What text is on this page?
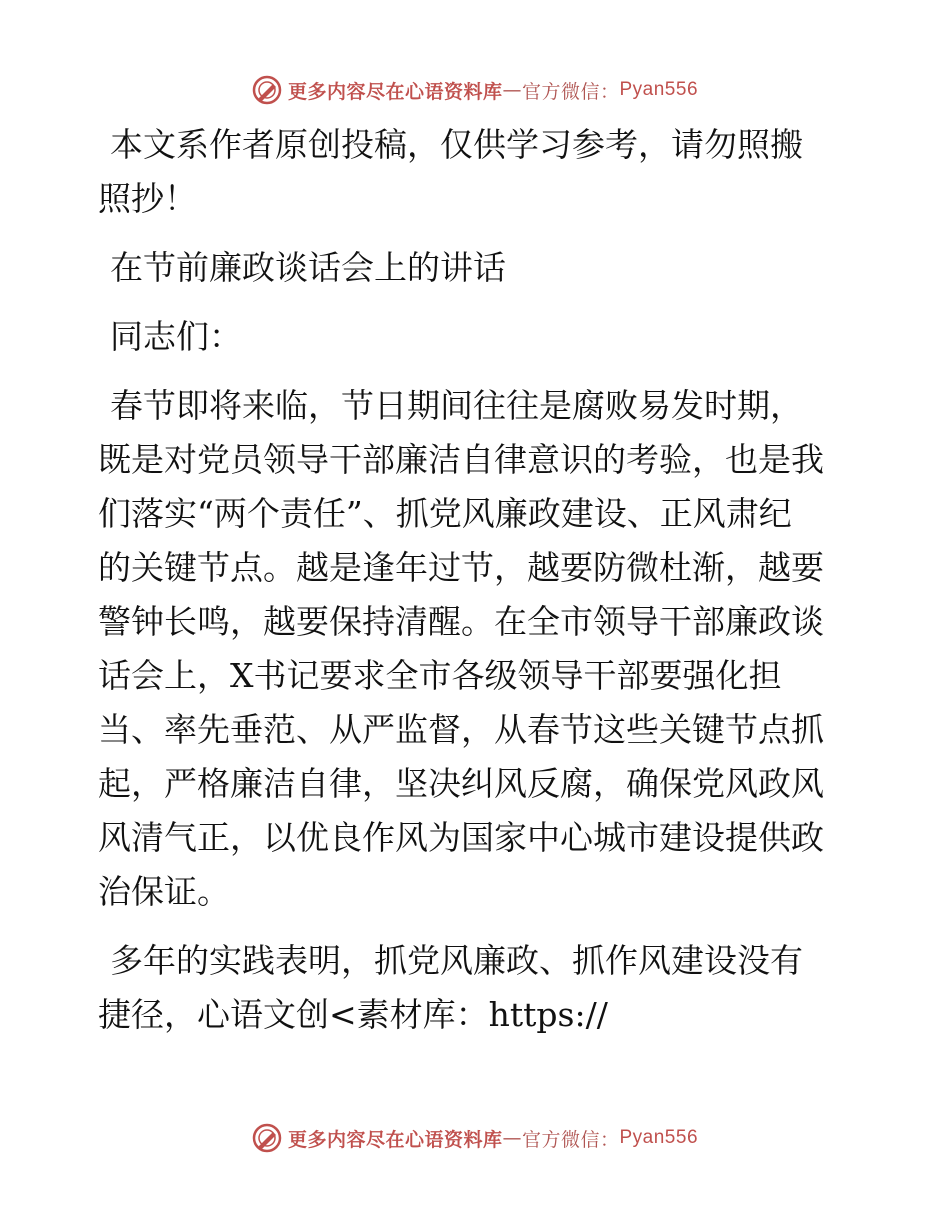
更多内容尽在心语资料库 — 官方微信： Pyan556

本文系作者原创投稿，仅供学习参考，请勿照搬
照抄！

在节前廉政谈话会上的讲话

同志们：

春节即将来临，节日期间往往是腐败易发时期，
既是对党员领导干部廉洁自律意识的考验，也是我
们落实“两个责任”、抓党风廉政建设、正风肃纪
的关键节点。越是逢年过节，越要防微杜渐，越要
警钟长鸣，越要保持清醒。在全市领导干部廉政谈
话会上，X书记要求全市各级领导干部要强化担
当、率先垂范、从严监督，从春节这些关键节点抓
起，严格廉洁自律，坚决纠风反腐，确保党风政风
风清气正，以优良作风为国家中心城市建设提供政
治保证。

多年的实践表明，抓党风廉政、抓作风建设没有
捷径，心语文创<素材库：https://

更多内容尽在心语资料库 — 官方微信： Pyan556
